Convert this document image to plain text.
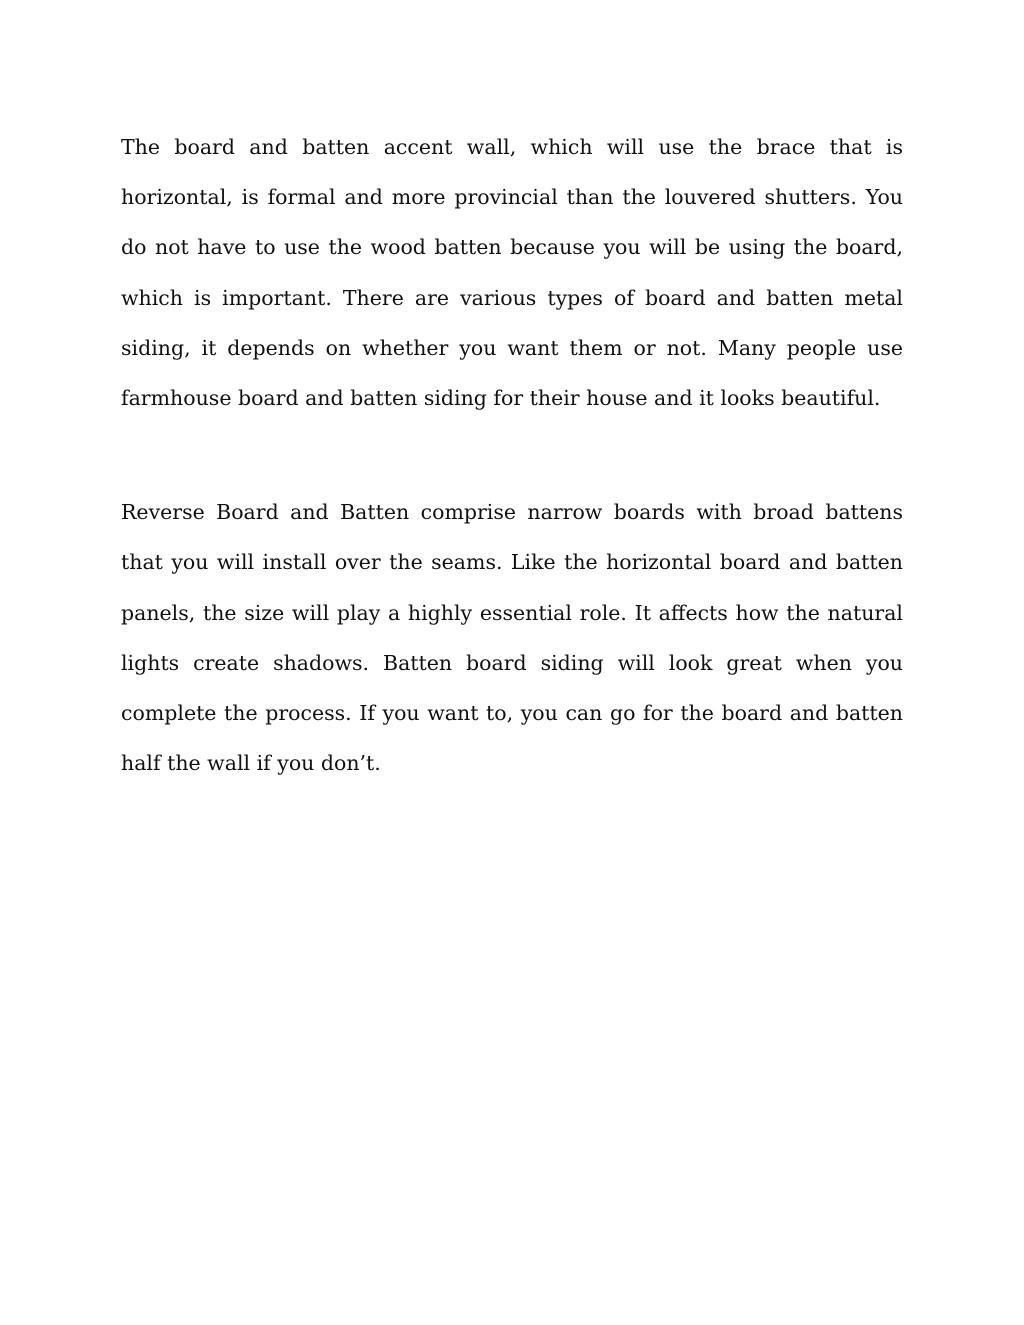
The board and batten accent wall, which will use the brace that is horizontal, is formal and more provincial than the louvered shutters. You do not have to use the wood batten because you will be using the board, which is important. There are various types of board and batten metal siding, it depends on whether you want them or not. Many people use farmhouse board and batten siding for their house and it looks beautiful.

Reverse Board and Batten comprise narrow boards with broad battens that you will install over the seams. Like the horizontal board and batten panels, the size will play a highly essential role. It affects how the natural lights create shadows. Batten board siding will look great when you complete the process. If you want to, you can go for the board and batten half the wall if you don’t.
